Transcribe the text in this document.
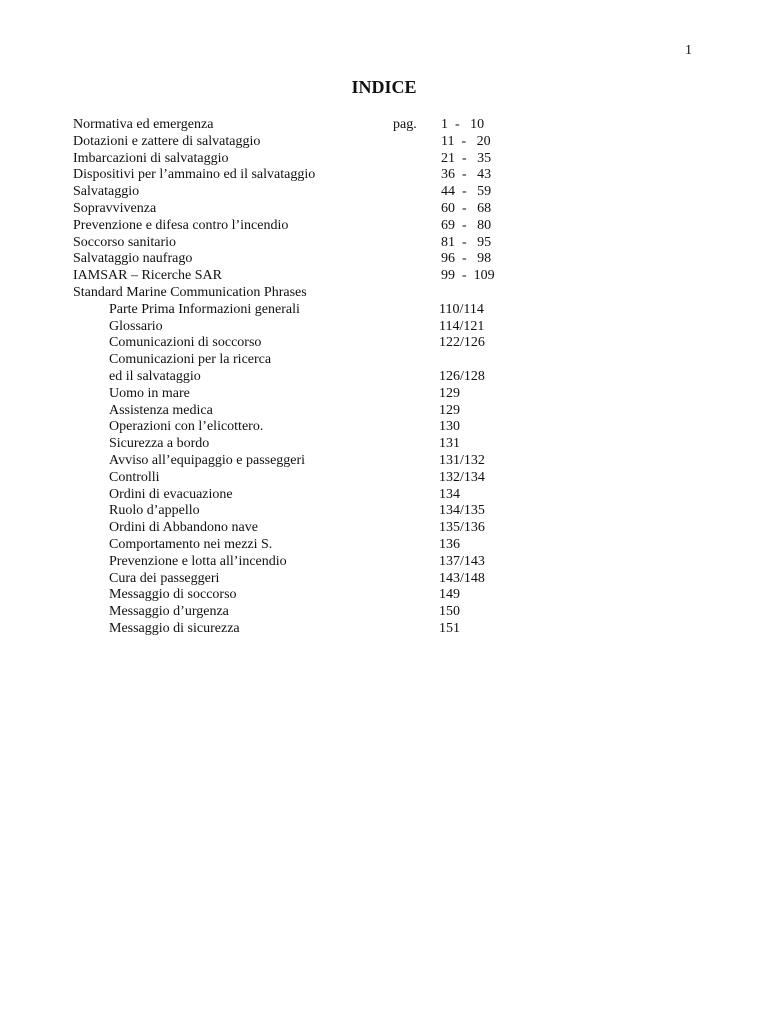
1
INDICE
pag.
Normativa ed emergenza	1  -   10
Dotazioni e zattere di salvataggio	11  -   20
Imbarcazioni di salvataggio	21  -   35
Dispositivi per l’ammaino ed il salvataggio	36  -   43
Salvataggio	44  -   59
Sopravvivenza	60  -   68
Prevenzione e difesa contro l’incendio	69  -   80
Soccorso sanitario	81  -   95
Salvataggio naufrago	96  -   98
IAMSAR – Ricerche SAR	99  -  109
Standard Marine Communication Phrases
Parte Prima Informazioni generali	110/114
Glossario	114/121
Comunicazioni di soccorso	122/126
Comunicazioni per la ricerca
ed il salvataggio	126/128
Uomo in mare	129
Assistenza medica	129
Operazioni con l’elicottero.	130
Sicurezza a bordo	131
Avviso all’equipaggio e passeggeri	131/132
Controlli	132/134
Ordini di evacuazione	134
Ruolo d’appello	134/135
Ordini di Abbandono nave	135/136
Comportamento nei mezzi S.	136
Prevenzione e lotta all’incendio	137/143
Cura dei passeggeri	143/148
Messaggio di soccorso	149
Messaggio d’urgenza	150
Messaggio di sicurezza	151
